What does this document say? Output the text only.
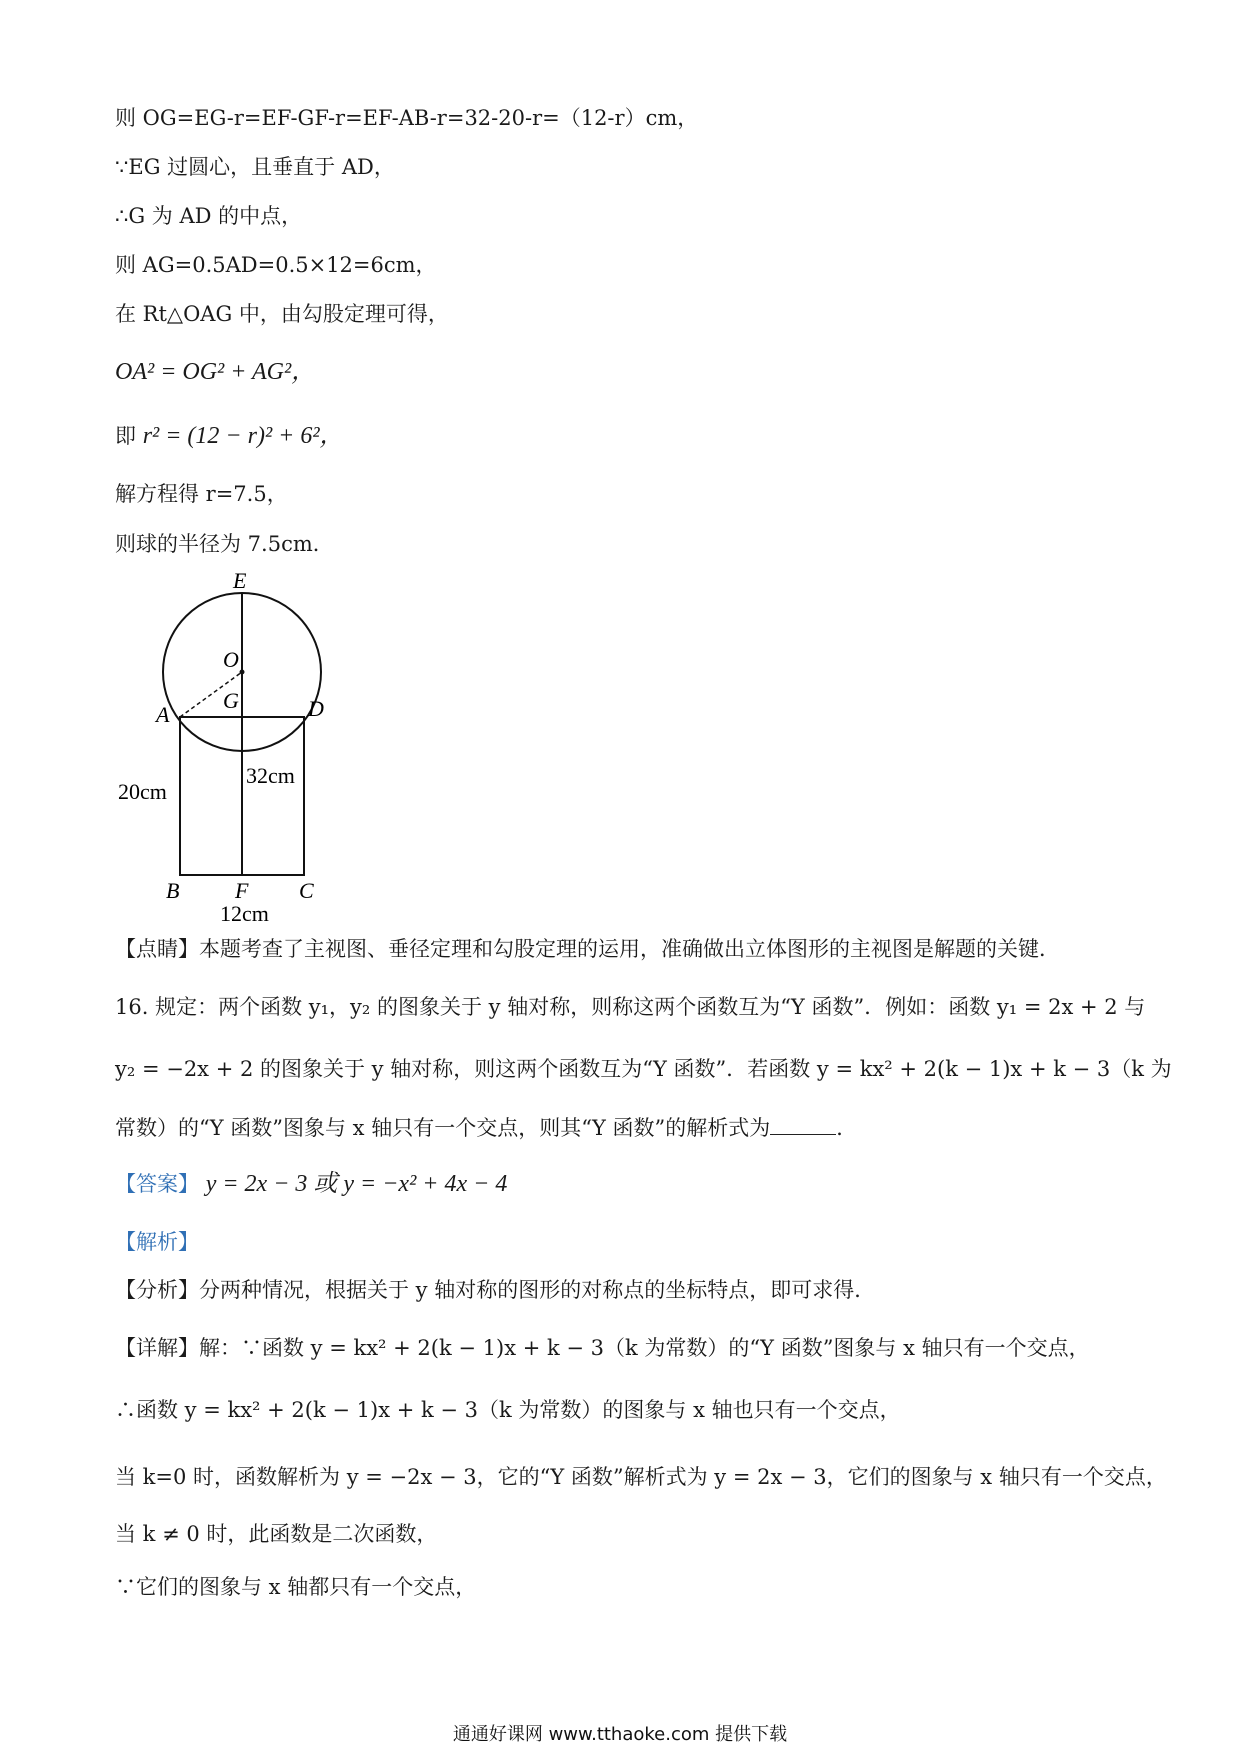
则 OG=EG-r=EF-GF-r=EF-AB-r=32-20-r=（12-r）cm，
∵EG 过圆心，且垂直于 AD，
∴G 为 AD 的中点，
则 AG=0.5AD=0.5×12=6cm，
在 Rt△OAG 中，由勾股定理可得，
OA² = OG² + AG²，
即 r² = (12 − r)² + 6²，
解方程得 r=7.5，
则球的半径为 7.5cm．
E
O
G
A	D
B	F C
20cm
32cm
12cm
【点睛】本题考查了主视图、垂径定理和勾股定理的运用，准确做出立体图形的主视图是解题的关键．
16. 规定：两个函数 y₁，y₂ 的图象关于 y 轴对称，则称这两个函数互为“Y 函数”．例如：函数 y₁ = 2x + 2 与
y₂ = −2x + 2 的图象关于 y 轴对称，则这两个函数互为“Y 函数”．若函数 y = kx² + 2(k − 1)x + k − 3（k 为
常数）的“Y 函数”图象与 x 轴只有一个交点，则其“Y 函数”的解析式为	．
【答案】 y = 2x − 3 或 y = −x² + 4x − 4
【解析】
【分析】分两种情况，根据关于 y 轴对称的图形的对称点的坐标特点，即可求得．
【详解】解：∵函数 y = kx² + 2(k − 1)x + k − 3（k 为常数）的“Y 函数”图象与 x 轴只有一个交点，
∴函数 y = kx² + 2(k − 1)x + k − 3（k 为常数）的图象与 x 轴也只有一个交点，
当 k=0 时，函数解析为 y = −2x − 3，它的“Y 函数”解析式为 y = 2x − 3，它们的图象与 x 轴只有一个交点，
当 k ≠ 0 时，此函数是二次函数，
∵它们的图象与 x 轴都只有一个交点，
通通好课网 www.tthaoke.com 提供下载
